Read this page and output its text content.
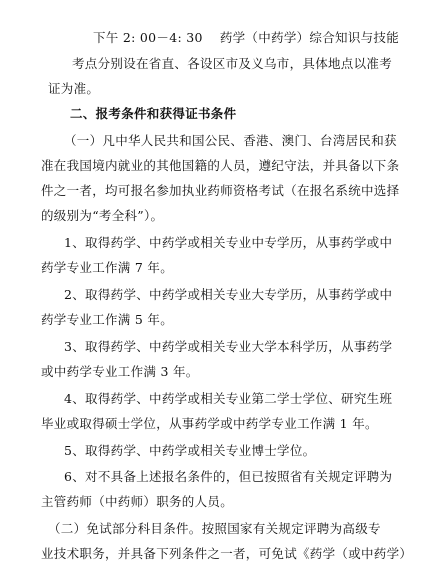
下午 2: 00－4: 30　 药学（中药学）综合知识与技能
考点分别设在省直、各设区市及义乌市，具体地点以准考
证为准。
二、报考条件和获得证书条件
（一）凡中华人民共和国公民、香港、澳门、台湾居民和获
准在我国境内就业的其他国籍的人员，遵纪守法，并具备以下条
件之一者，均可报名参加执业药师资格考试（在报名系统中选择
的级别为“考全科”）。
1、取得药学、中药学或相关专业中专学历，从事药学或中
药学专业工作满 7 年。
2、取得药学、中药学或相关专业大专学历，从事药学或中
药学专业工作满 5 年。
3、取得药学、中药学或相关专业大学本科学历，从事药学
或中药学专业工作满 3 年。
4、取得药学、中药学或相关专业第二学士学位、研究生班
毕业或取得硕士学位，从事药学或中药学专业工作满 1 年。
5、取得药学、中药学或相关专业博士学位。
6、对不具备上述报名条件的，但已按照省有关规定评聘为
主管药师（中药师）职务的人员。
（二）免试部分科目条件。按照国家有关规定评聘为高级专
业技术职务，并具备下列条件之一者，可免试《药学（或中药学）
